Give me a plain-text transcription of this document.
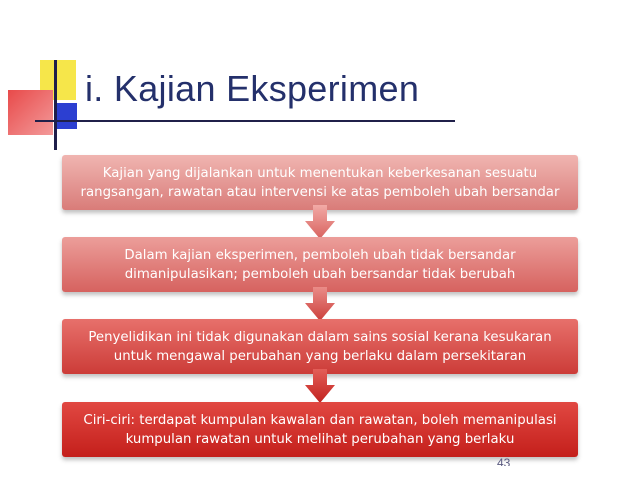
i. Kajian Eksperimen
Kajian yang dijalankan untuk menentukan keberkesanan sesuatu rangsangan, rawatan atau intervensi ke atas pemboleh ubah bersandar
Dalam kajian eksperimen, pemboleh ubah tidak bersandar dimanipulasikan; pemboleh ubah bersandar tidak berubah
Penyelidikan ini tidak digunakan dalam sains sosial kerana kesukaran untuk mengawal perubahan yang berlaku dalam persekitaran
Ciri-ciri: terdapat kumpulan kawalan dan rawatan, boleh memanipulasi kumpulan rawatan untuk melihat perubahan yang berlaku
43
